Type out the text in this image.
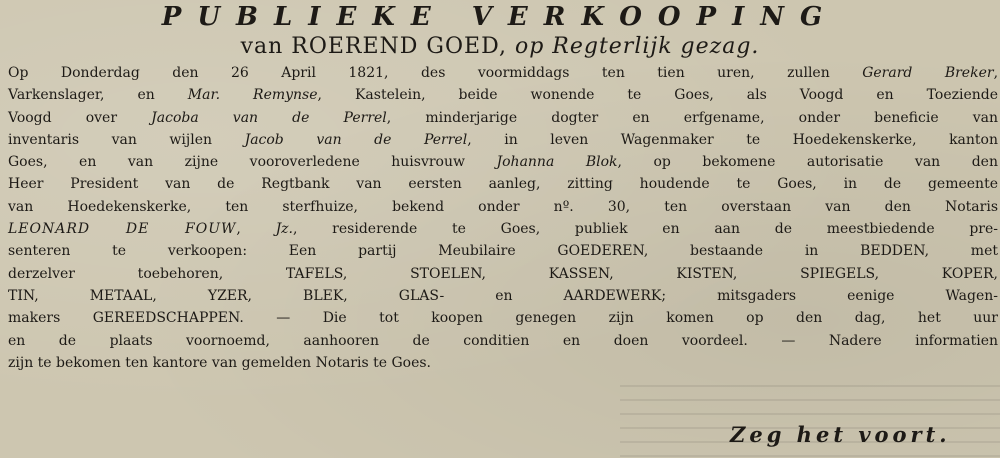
PUBLIEKE VERKOOPING
van ROEREND GOED, op Regterlijk gezag.
Op Donderdag den 26 April 1821, des voormiddags ten tien uren, zullen Gerard Breker,
Varkenslager, en Mar. Remynse, Kastelein, beide wonende te Goes, als Voogd en Toeziende
Voogd over Jacoba van de Perrel, minderjarige dogter en erfgename, onder beneficie van
inventaris van wijlen Jacob van de Perrel, in leven Wagenmaker te Hoedekenskerke, kanton
Goes, en van zijne vooroverledene huisvrouw Johanna Blok, op bekomene autorisatie van den
Heer President van de Regtbank van eersten aanleg, zitting houdende te Goes, in de gemeente
van Hoedekenskerke, ten sterfhuize, bekend onder nº. 30, ten overstaan van den Notaris
LEONARD DE FOUW, Jz., residerende te Goes, publiek en aan de meestbiedende pre-
senteren te verkoopen: Een partij Meubilaire GOEDEREN, bestaande in BEDDEN, met
derzelver toebehoren, TAFELS, STOELEN, KASSEN, KISTEN, SPIEGELS, KOPER,
TIN, METAAL, YZER, BLEK, GLAS- en AARDEWERK; mitsgaders eenige Wagen-
makers GEREEDSCHAPPEN. — Die tot koopen genegen zijn komen op den dag, het uur
en de plaats voornoemd, aanhooren de conditien en doen voordeel. — Nadere informatien
zijn te bekomen ten kantore van gemelden Notaris te Goes.
Zeg het voort.
